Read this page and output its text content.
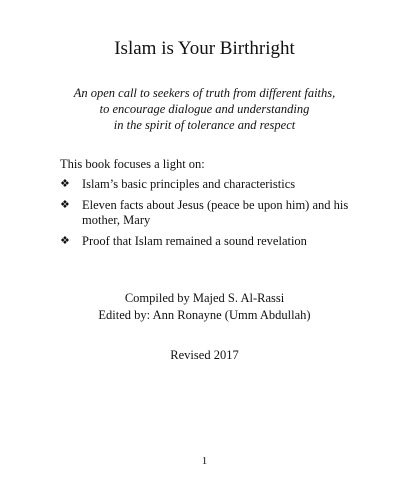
Islam is Your Birthright
An open call to seekers of truth from different faiths,
to encourage dialogue and understanding
in the spirit of tolerance and respect
This book focuses a light on:
❖ Islam’s basic principles and characteristics
❖ Eleven facts about Jesus (peace be upon him) and his mother, Mary
❖ Proof that Islam remained a sound revelation
Compiled by Majed S. Al-Rassi
Edited by: Ann Ronayne (Umm Abdullah)
Revised 2017
1
